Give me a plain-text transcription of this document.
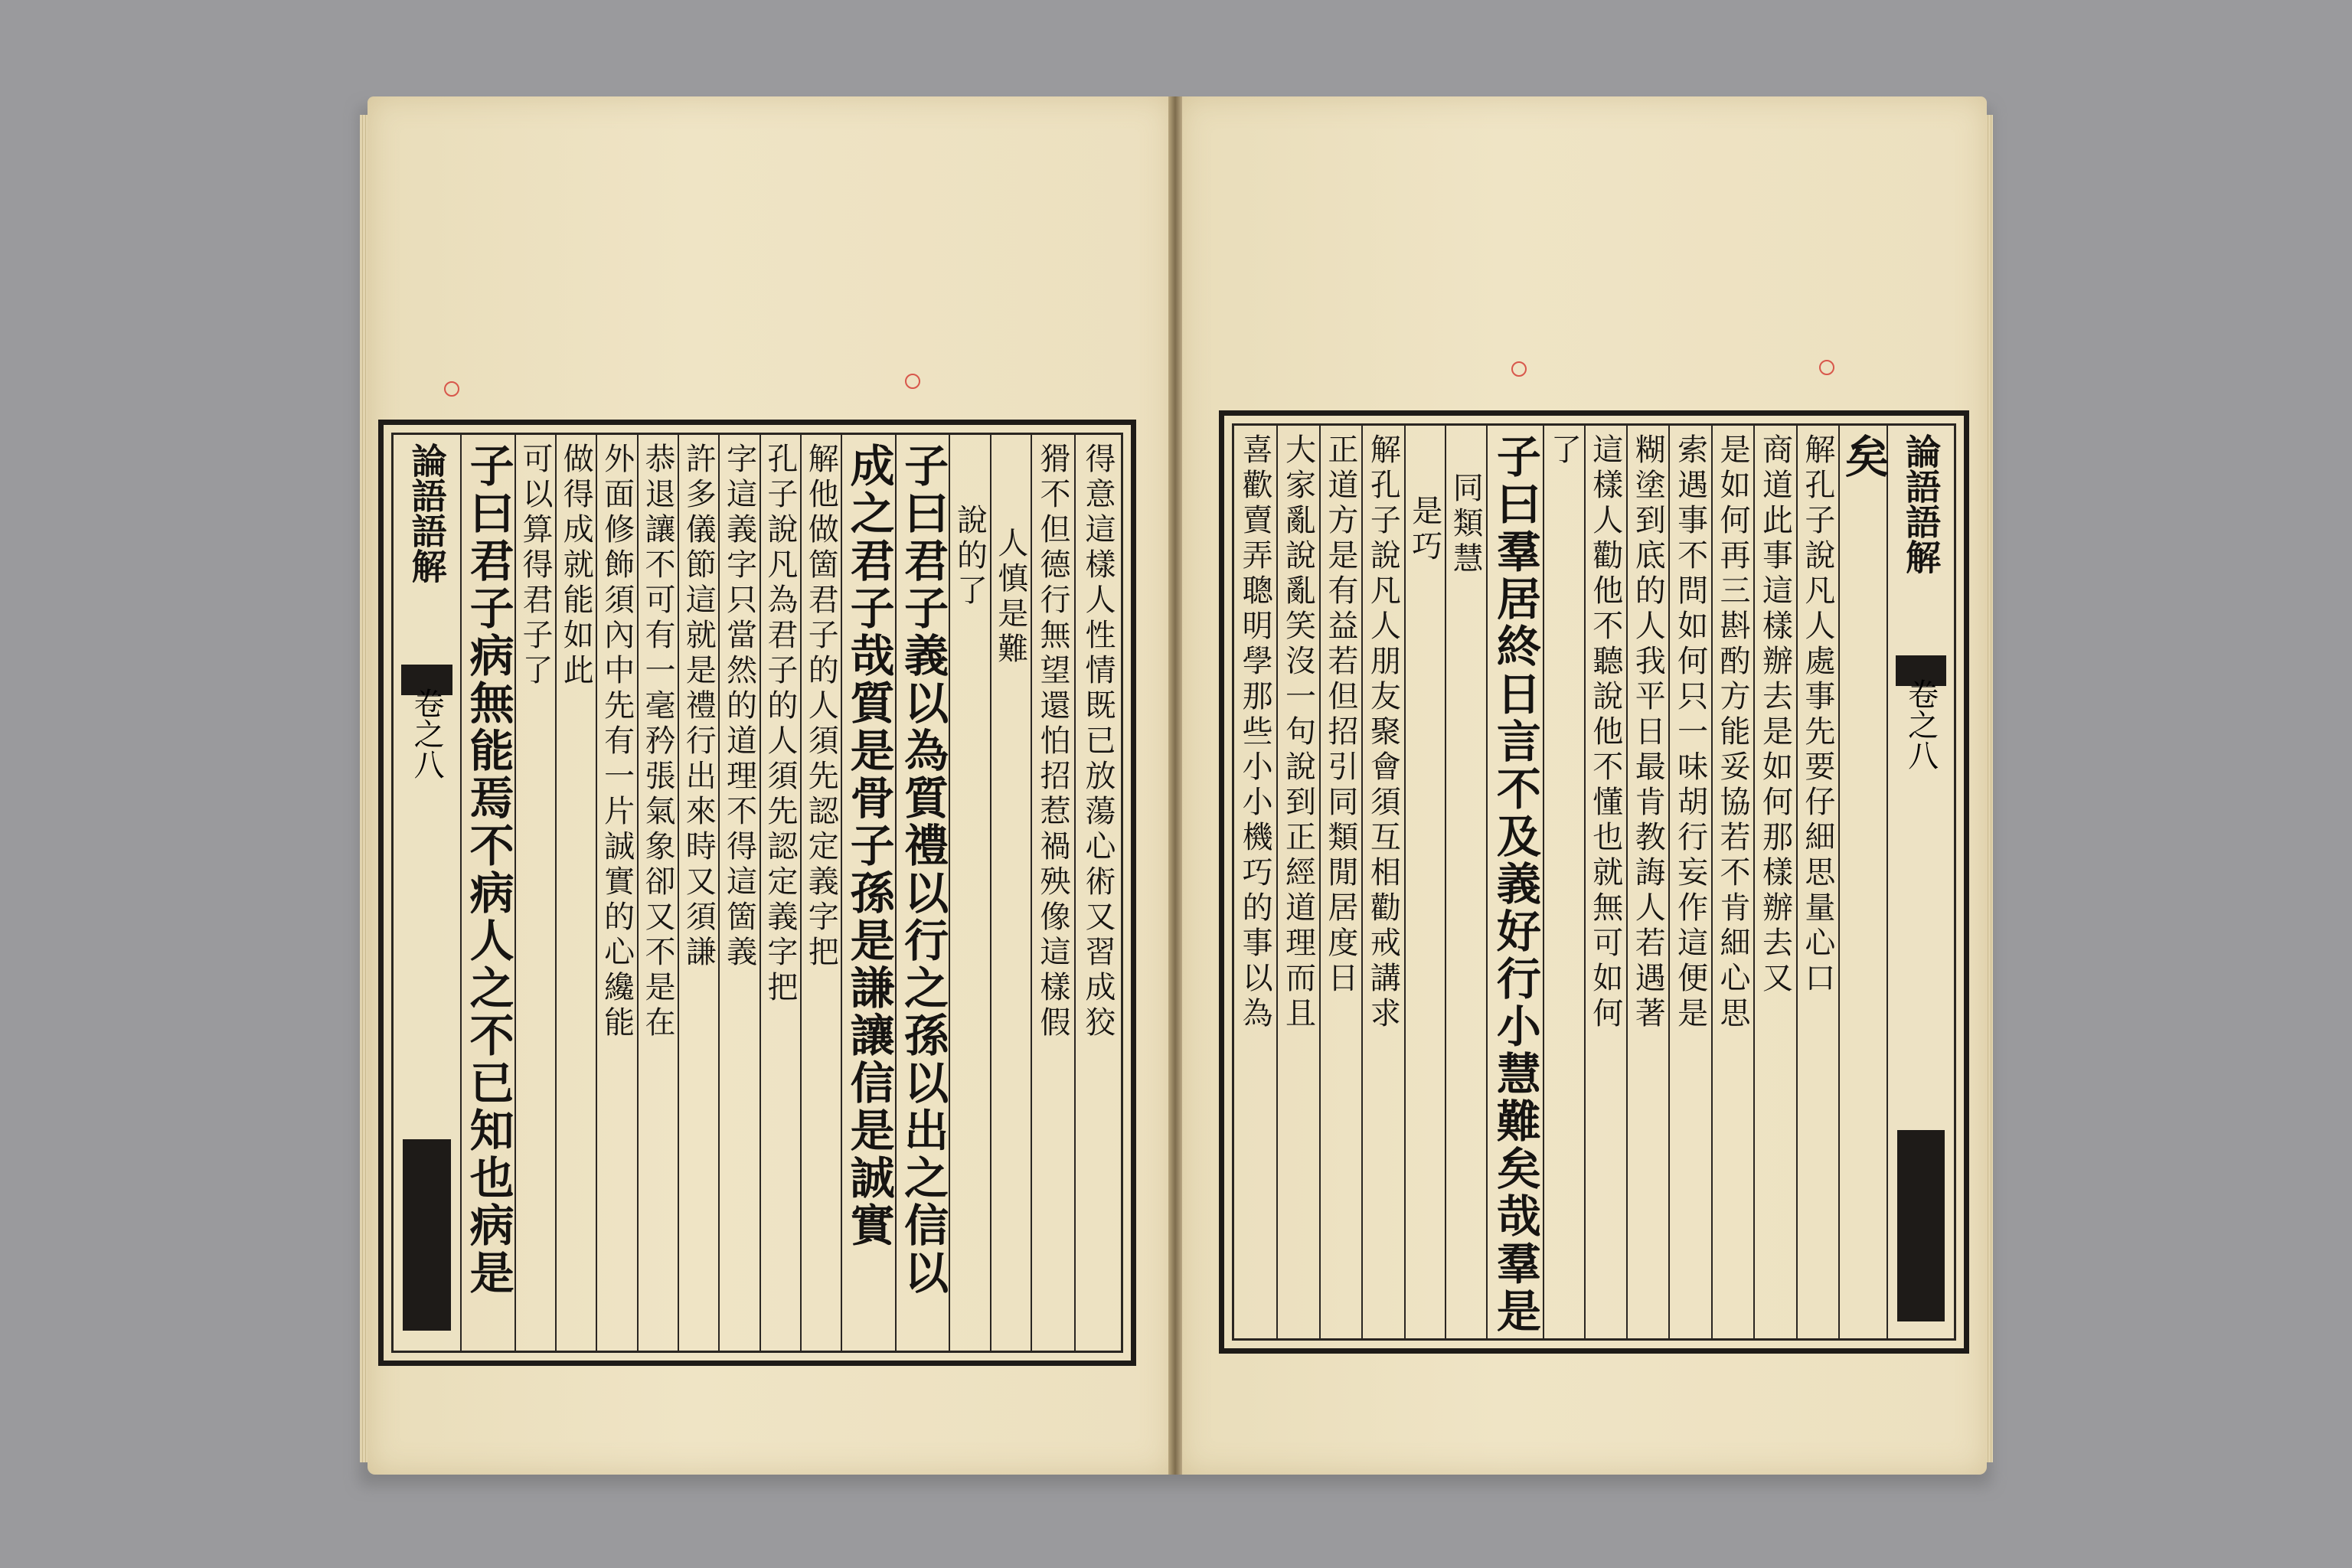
得意這樣人性情既已放蕩心術又習成狡
猾不但德行無望還怕招惹禍殃像這樣假
人慎是難
說的了
子曰君子義以為質禮以行之孫以出之信以
成之君子哉質是骨子孫是謙讓信是誠實
解他做箇君子的人須先認定義字把
孔子說凡為君子的人須先認定義字把
字這義字只當然的道理不得這箇義
許多儀節這就是禮行出來時又須謙
恭退讓不可有一毫矜張氣象卻又不是在
外面修飾須內中先有一片誠實的心纔能
做得成就能如此
可以算得君子了
子曰君子病無能焉不病人之不已知也病是
論語語解
卷之八
論語語解
卷之八
矣
解孔子說凡人處事先要仔細思量心口
商道此事這樣辦去是如何那樣辦去又
是如何再三斟酌方能妥協若不肯細心思
索遇事不問如何只一味胡行妄作這便是
糊塗到底的人我平日最肯教誨人若遇著
這樣人勸他不聽說他不懂也就無可如何
了
子曰羣居終日言不及義好行小慧難矣哉羣是
同類慧
是巧
解孔子說凡人朋友聚會須互相勸戒講求
正道方是有益若但招引同類閒居度日
大家亂說亂笑沒一句說到正經道理而且
喜歡賣弄聰明學那些小小機巧的事以為
